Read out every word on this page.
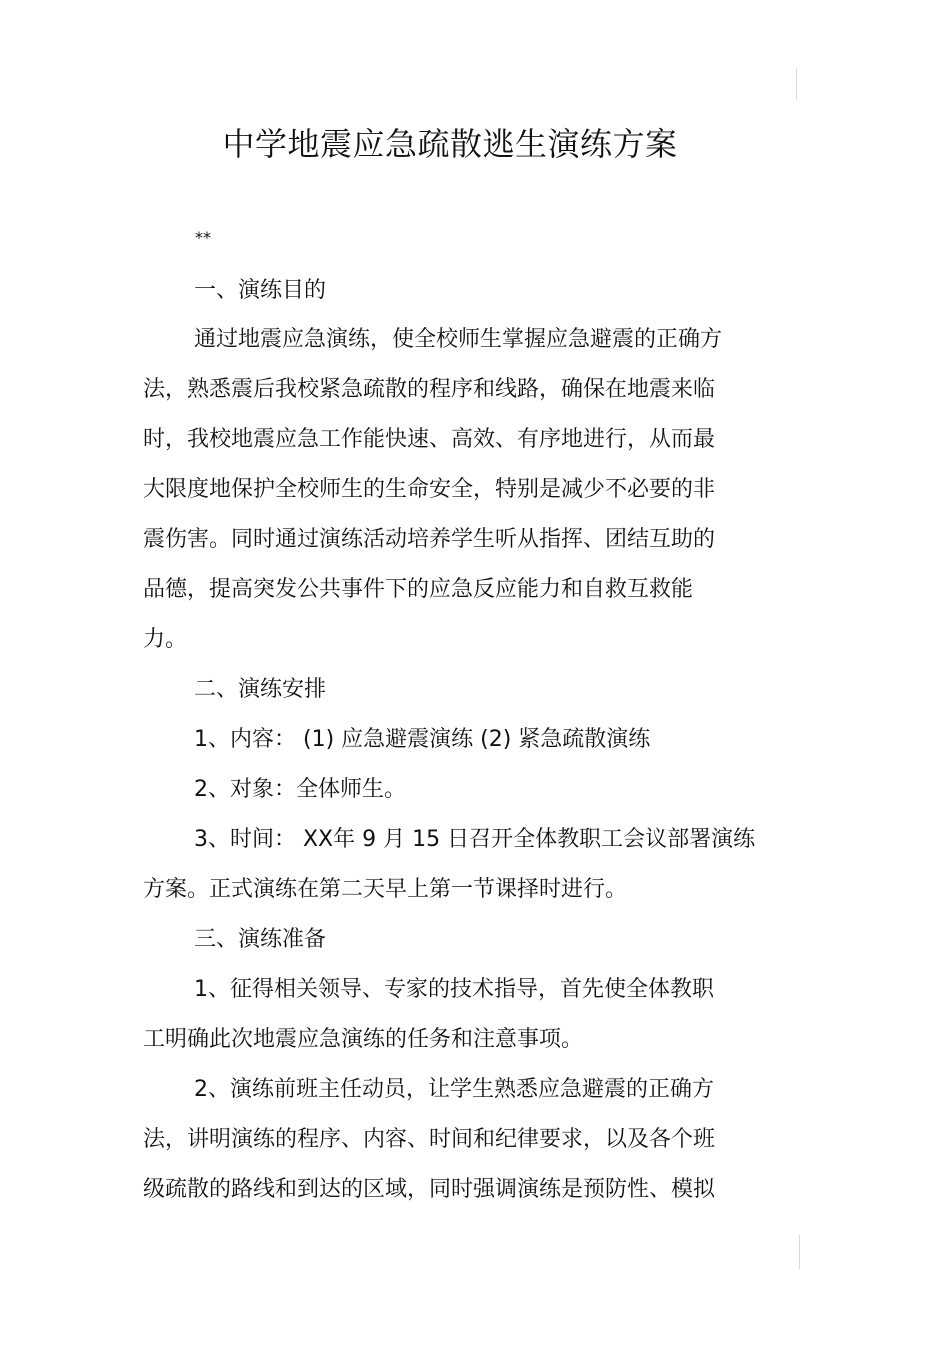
中学地震应急疏散逃生演练方案
**
一、演练目的
通过地震应急演练，使全校师生掌握应急避震的正确方
法，熟悉震后我校紧急疏散的程序和线路，确保在地震来临
时，我校地震应急工作能快速、高效、有序地进行，从而最
大限度地保护全校师生的生命安全，特别是减少不必要的非
震伤害。同时通过演练活动培养学生听从指挥、团结互助的
品德，提高突发公共事件下的应急反应能力和自救互救能
力。
二、演练安排
1、内容： (1) 应急避震演练 (2) 紧急疏散演练
2、对象：全体师生。
3、时间： XX年 9 月 15 日召开全体教职工会议部署演练
方案。正式演练在第二天早上第一节课择时进行。
三、演练准备
1、征得相关领导、专家的技术指导，首先使全体教职
工明确此次地震应急演练的任务和注意事项。
2、演练前班主任动员，让学生熟悉应急避震的正确方
法，讲明演练的程序、内容、时间和纪律要求，以及各个班
级疏散的路线和到达的区域，同时强调演练是预防性、模拟
